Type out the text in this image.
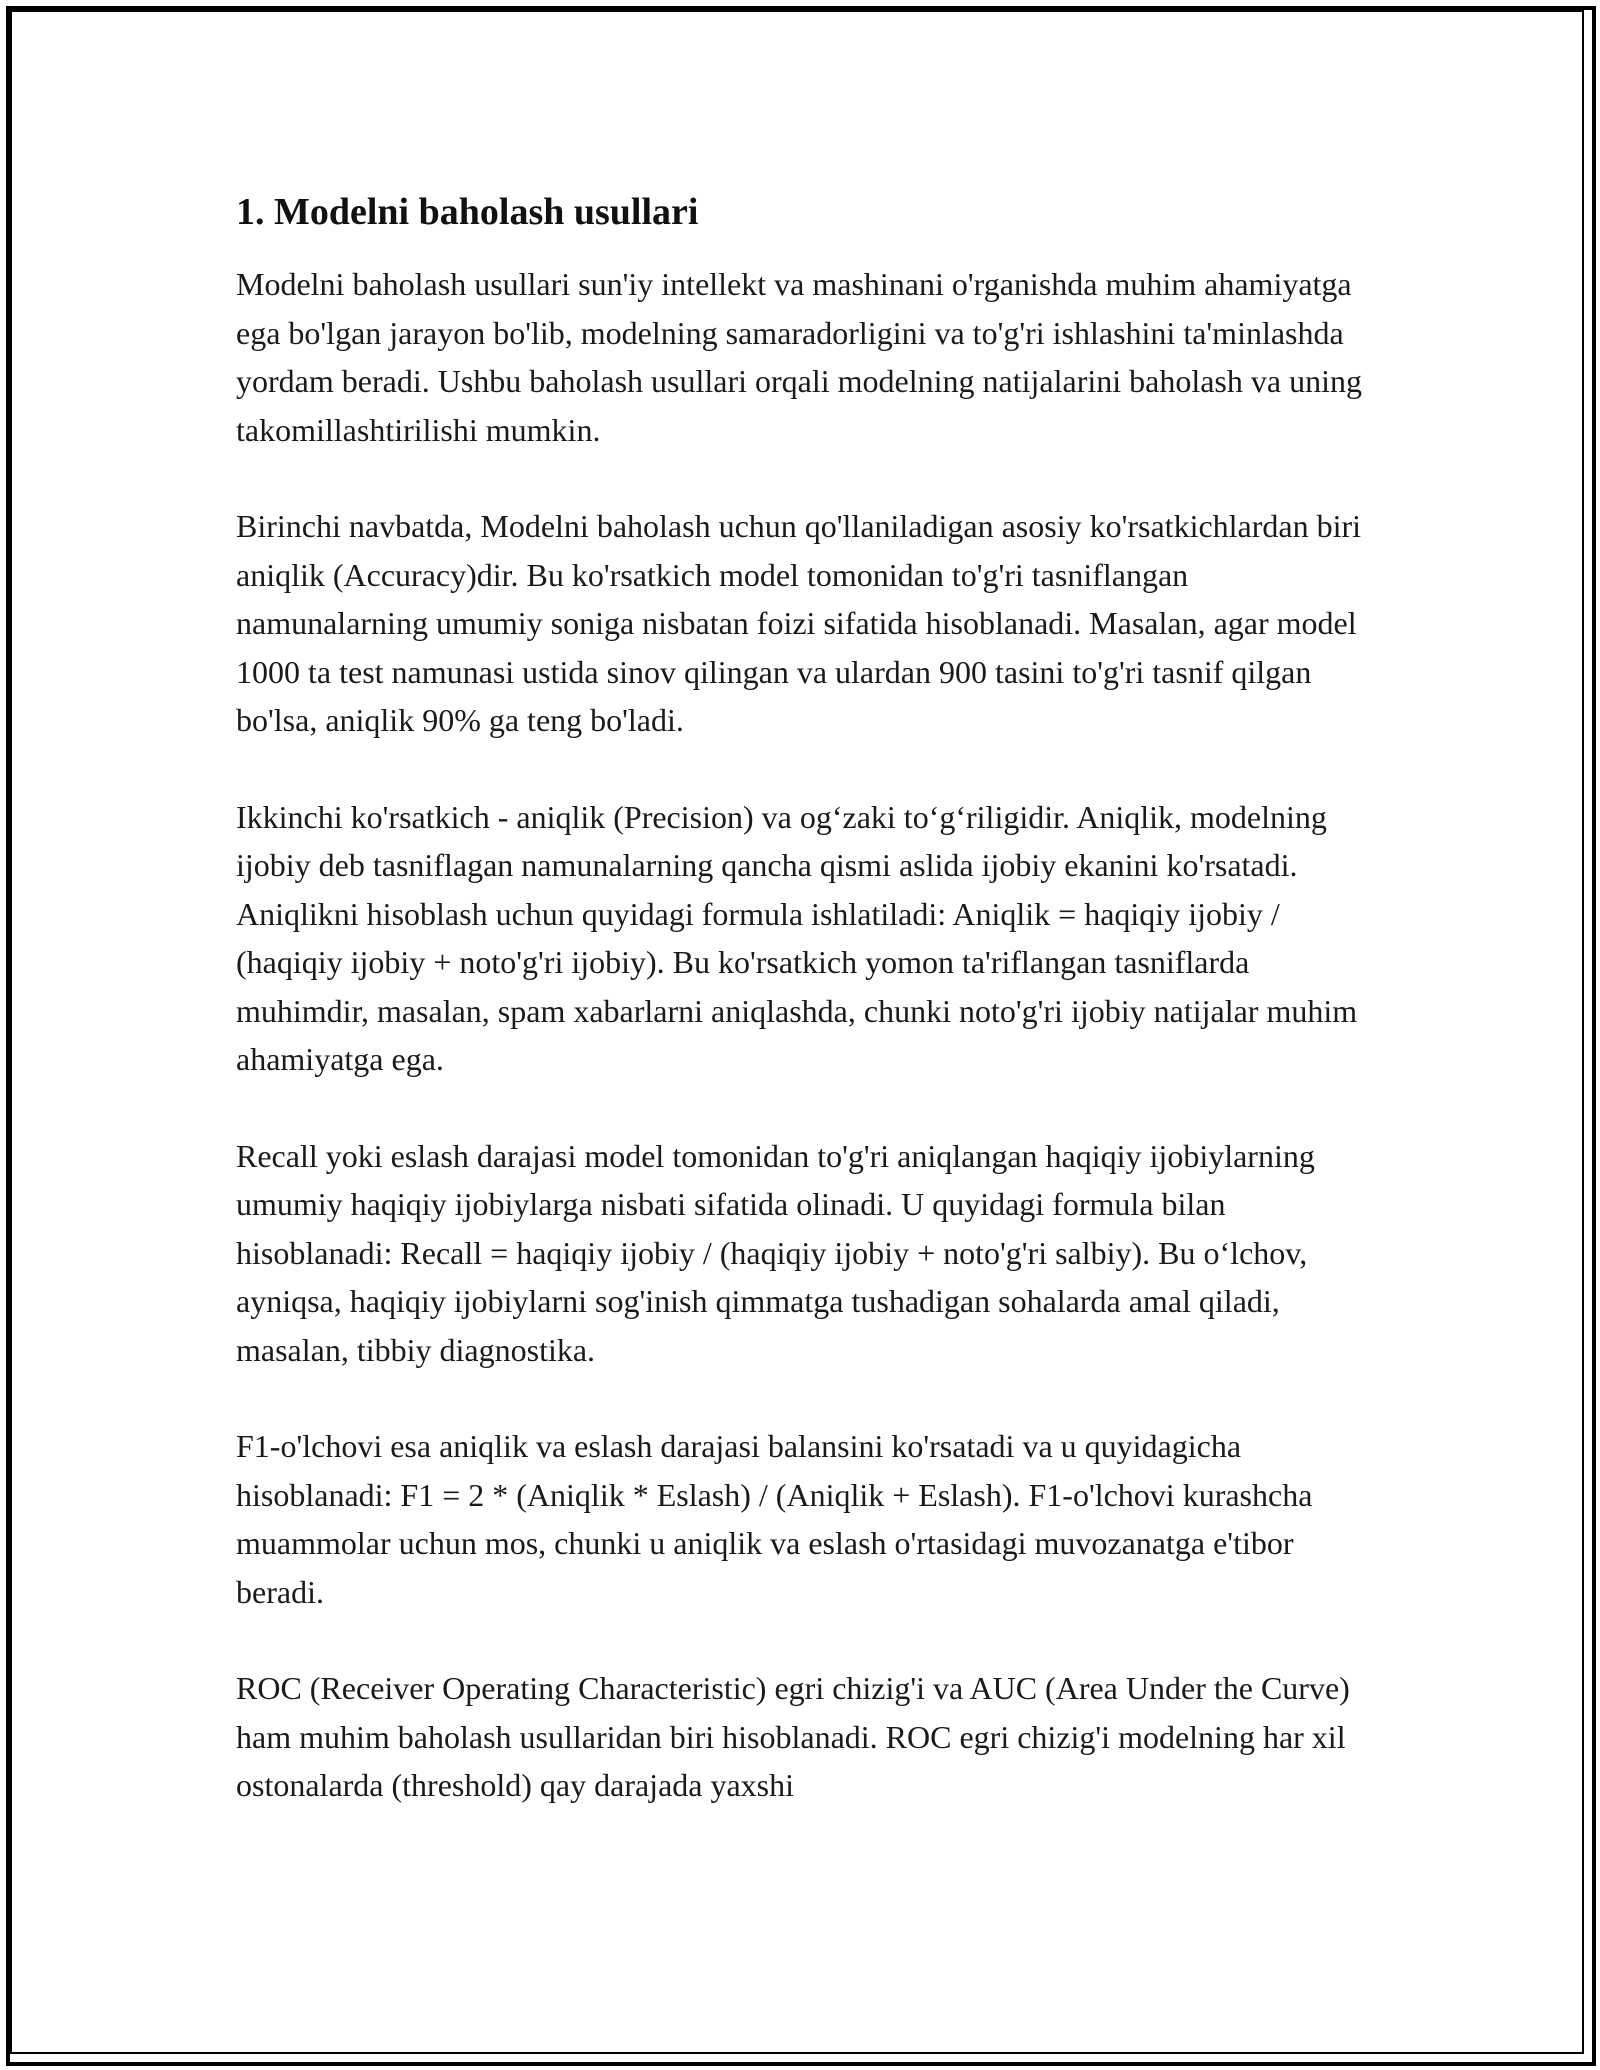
1. Modelni baholash usullari

Modelni baholash usullari sun'iy intellekt va mashinani o'rganishda muhim ahamiyatga ega bo'lgan jarayon bo'lib, modelning samaradorligini va to'g'ri ishlashini ta'minlashda yordam beradi. Ushbu baholash usullari orqali modelning natijalarini baholash va uning takomillashtirilishi mumkin.

Birinchi navbatda, Modelni baholash uchun qo'llaniladigan asosiy ko'rsatkichlardan biri aniqlik (Accuracy)dir. Bu ko'rsatkich model tomonidan to'g'ri tasniflangan namunalarning umumiy soniga nisbatan foizi sifatida hisoblanadi. Masalan, agar model 1000 ta test namunasi ustida sinov qilingan va ulardan 900 tasini to'g'ri tasnif qilgan bo'lsa, aniqlik 90% ga teng bo'ladi.

Ikkinchi ko'rsatkich - aniqlik (Precision) va og‘zaki to‘g‘riligidir. Aniqlik, modelning ijobiy deb tasniflagan namunalarning qancha qismi aslida ijobiy ekanini ko'rsatadi. Aniqlikni hisoblash uchun quyidagi formula ishlatiladi: Aniqlik = haqiqiy ijobiy / (haqiqiy ijobiy + noto'g'ri ijobiy). Bu ko'rsatkich yomon ta'riflangan tasniflarda muhimdir, masalan, spam xabarlarni aniqlashda, chunki noto'g'ri ijobiy natijalar muhim ahamiyatga ega.

Recall yoki eslash darajasi model tomonidan to'g'ri aniqlangan haqiqiy ijobiylarning umumiy haqiqiy ijobiylarga nisbati sifatida olinadi. U quyidagi formula bilan hisoblanadi: Recall = haqiqiy ijobiy / (haqiqiy ijobiy + noto'g'ri salbiy). Bu o‘lchov, ayniqsa, haqiqiy ijobiylarni sog'inish qimmatga tushadigan sohalarda amal qiladi, masalan, tibbiy diagnostika.

F1-o'lchovi esa aniqlik va eslash darajasi balansini ko'rsatadi va u quyidagicha hisoblanadi: F1 = 2 * (Aniqlik * Eslash) / (Aniqlik + Eslash). F1-o'lchovi kurashcha muammolar uchun mos, chunki u aniqlik va eslash o'rtasidagi muvozanatga e'tibor beradi.

ROC (Receiver Operating Characteristic) egri chizig'i va AUC (Area Under the Curve) ham muhim baholash usullaridan biri hisoblanadi. ROC egri chizig'i modelning har xil ostonalarda (threshold) qay darajada yaxshi
